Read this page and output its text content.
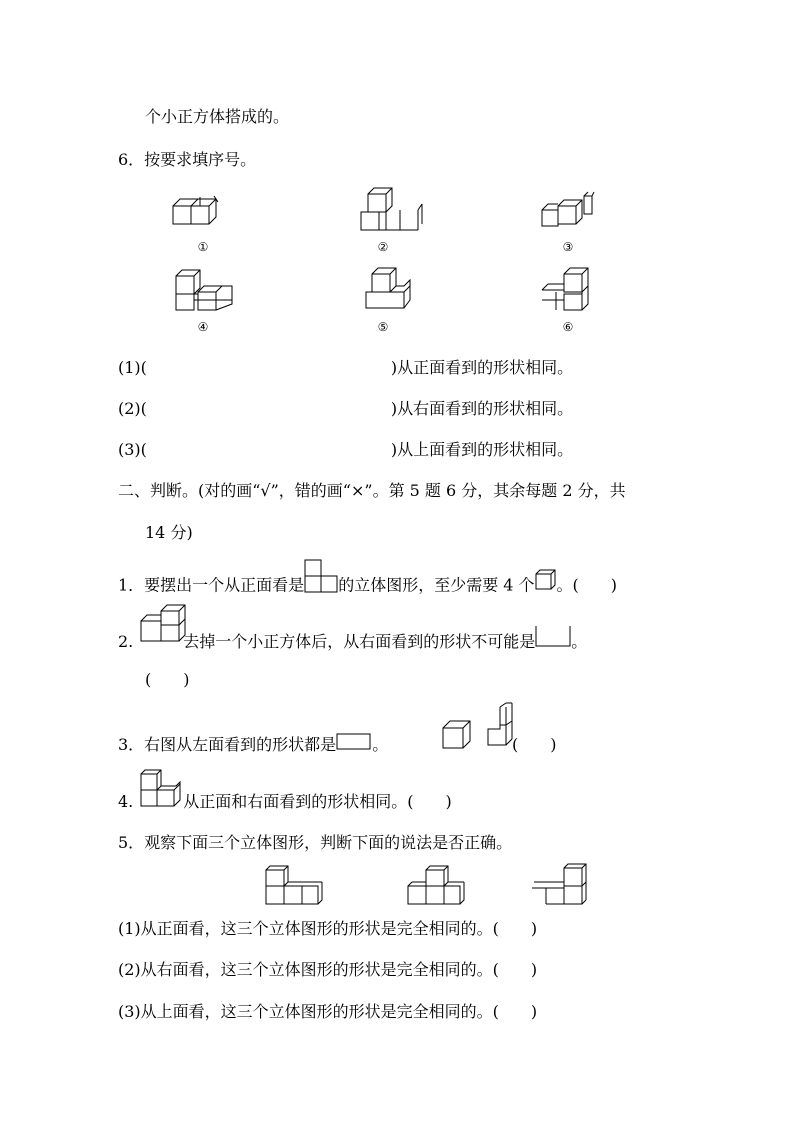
个小正方体搭成的。
6．按要求填序号。
①	②	③
④	⑤	⑥
(1)(	)从正面看到的形状相同。
(2)(	)从右面看到的形状相同。
(3)(	)从上面看到的形状相同。
二、判断。(对的画“√”，错的画“×”。第 5 题 6 分，其余每题 2 分，共
14 分)
1．要摆出一个从正面看是 的立体图形，至少需要 4 个 。(　　)
2.	去掉一个小正方体后，从右面看到的形状不可能是 。
(　　)
3．右图从左面看到的形状都是 。	(　　)
4.	从正面和右面看到的形状相同。(　　)
5．观察下面三个立体图形，判断下面的说法是否正确。
(1)从正面看，这三个立体图形的形状是完全相同的。(　　)
(2)从右面看，这三个立体图形的形状是完全相同的。(　　)
(3)从上面看，这三个立体图形的形状是完全相同的。(　　)
